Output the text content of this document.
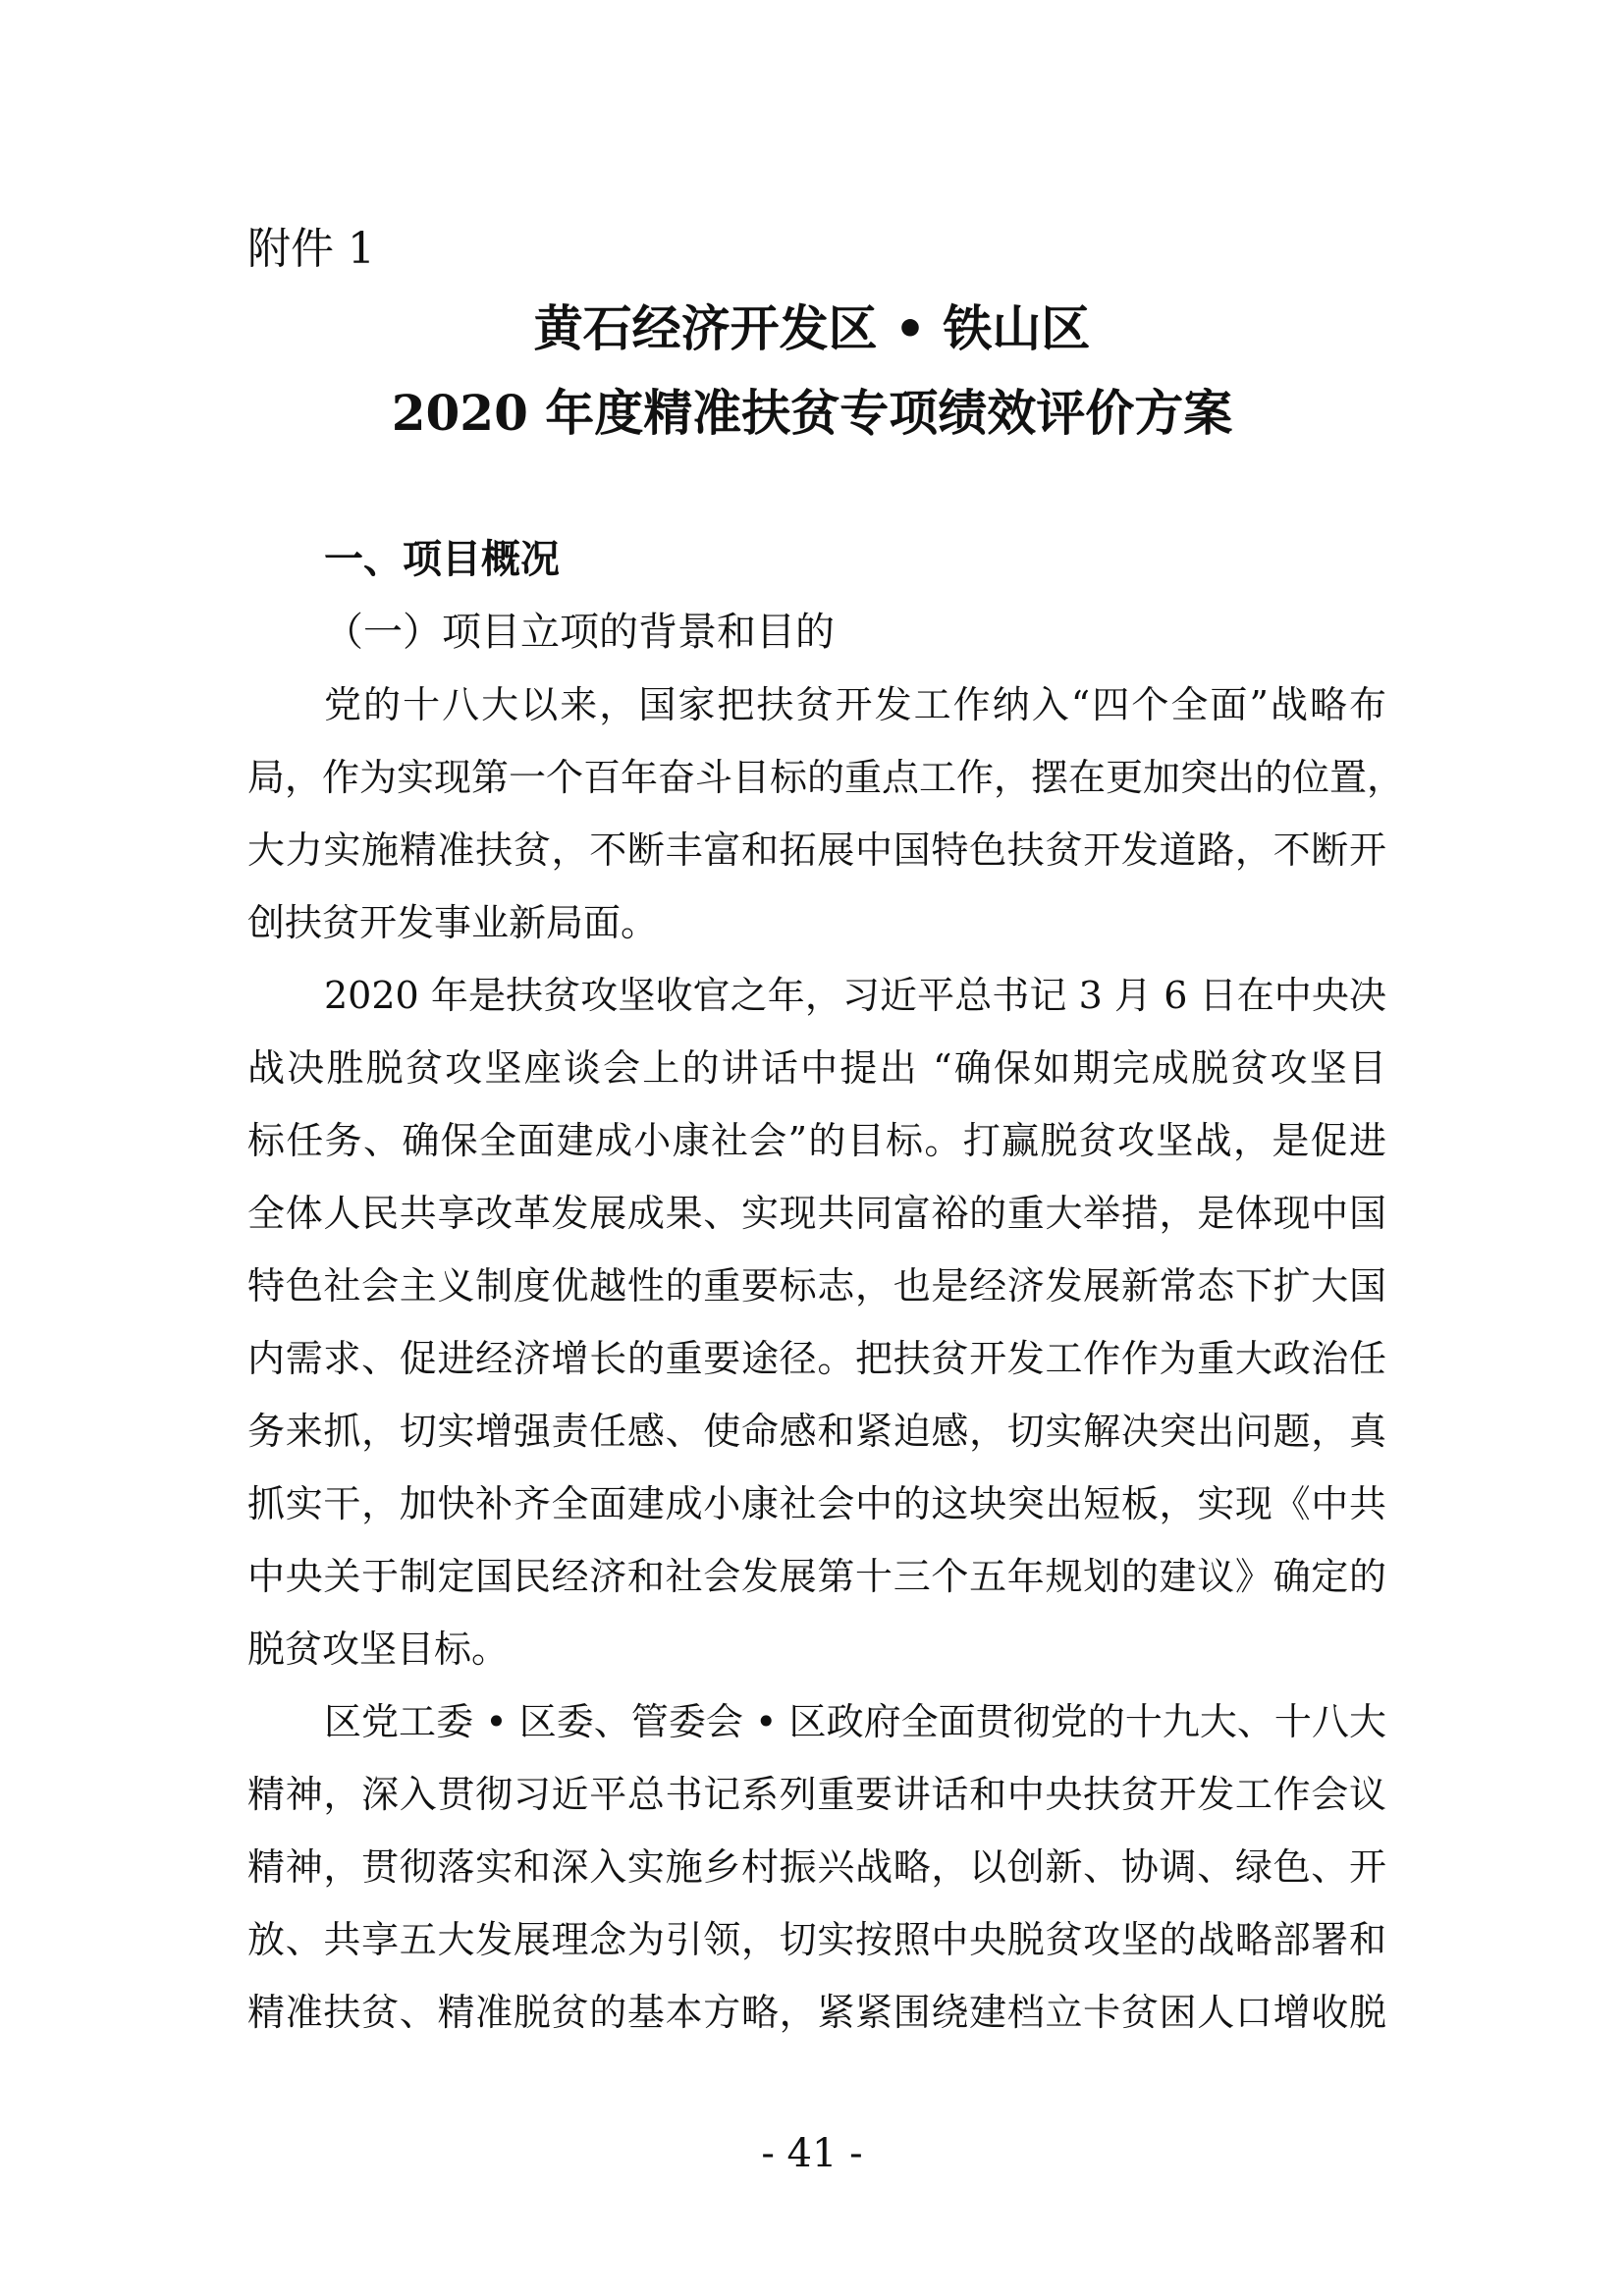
附件 1
黄石经济开发区 • 铁山区
2020 年度精准扶贫专项绩效评价方案
一、项目概况
（一）项目立项的背景和目的
党的十八大以来，国家把扶贫开发工作纳入“四个全面”战略布
局，作为实现第一个百年奋斗目标的重点工作，摆在更加突出的位置，
大力实施精准扶贫，不断丰富和拓展中国特色扶贫开发道路，不断开
创扶贫开发事业新局面。
2020 年是扶贫攻坚收官之年，习近平总书记 3 月 6 日在中央决
战决胜脱贫攻坚座谈会上的讲话中提出 “确保如期完成脱贫攻坚目
标任务、确保全面建成小康社会”的目标。打赢脱贫攻坚战，是促进
全体人民共享改革发展成果、实现共同富裕的重大举措，是体现中国
特色社会主义制度优越性的重要标志，也是经济发展新常态下扩大国
内需求、促进经济增长的重要途径。把扶贫开发工作作为重大政治任
务来抓，切实增强责任感、使命感和紧迫感，切实解决突出问题，真
抓实干，加快补齐全面建成小康社会中的这块突出短板，实现《中共
中央关于制定国民经济和社会发展第十三个五年规划的建议》确定的
脱贫攻坚目标。
区党工委 • 区委、管委会 • 区政府全面贯彻党的十九大、十八大
精神，深入贯彻习近平总书记系列重要讲话和中央扶贫开发工作会议
精神，贯彻落实和深入实施乡村振兴战略，以创新、协调、绿色、开
放、共享五大发展理念为引领，切实按照中央脱贫攻坚的战略部署和
精准扶贫、精准脱贫的基本方略，紧紧围绕建档立卡贫困人口增收脱
- 41 -
